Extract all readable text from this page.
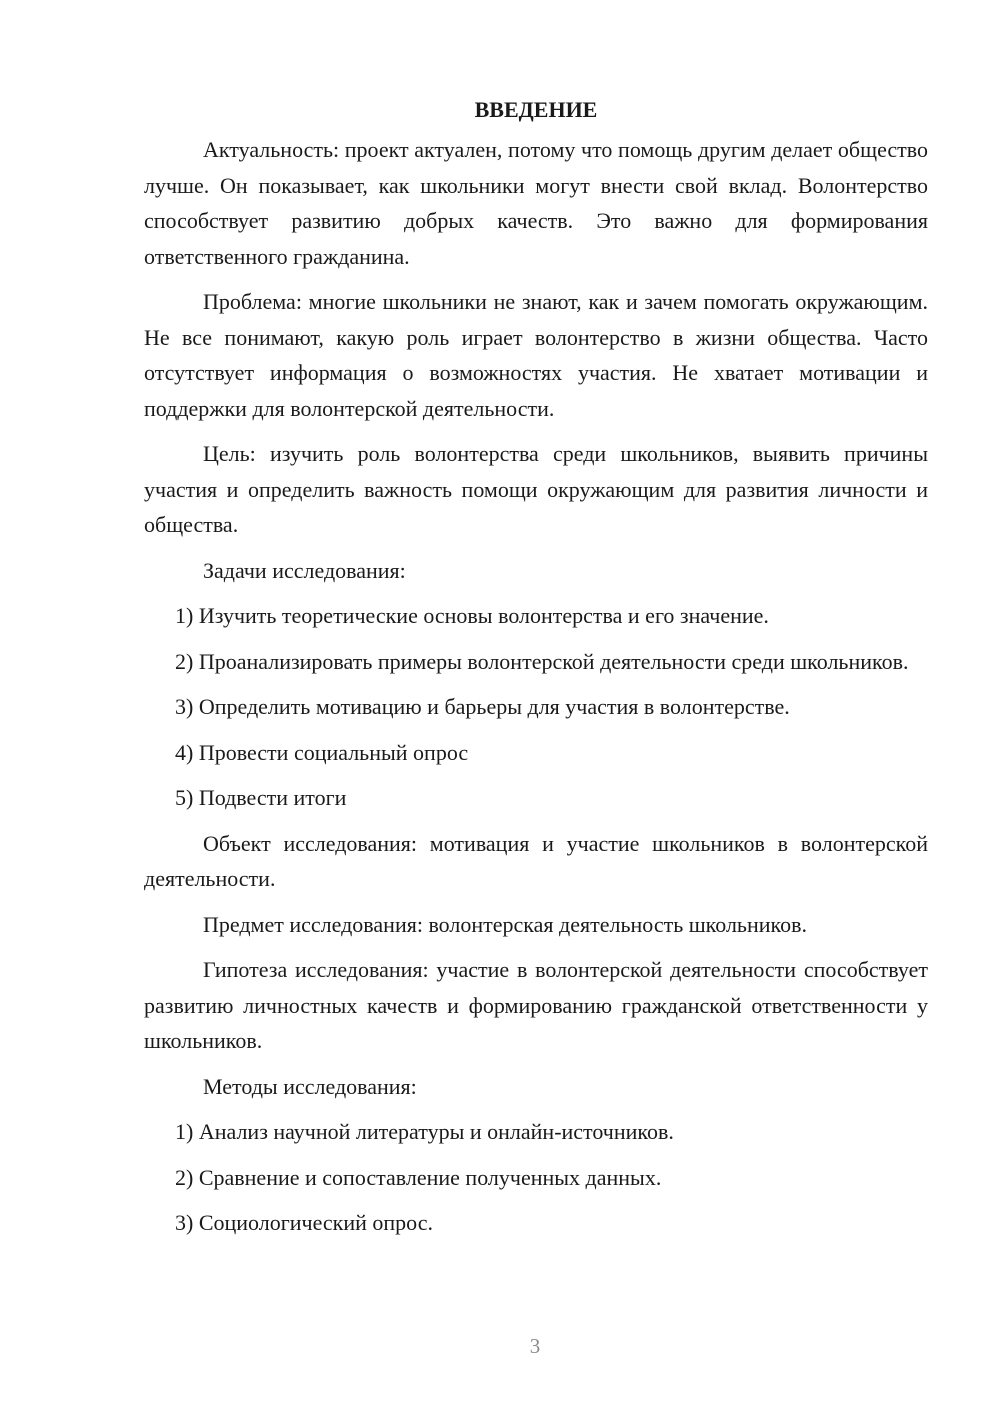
ВВЕДЕНИЕ

Актуальность: проект актуален, потому что помощь другим делает общество лучше. Он показывает, как школьники могут внести свой вклад. Волонтерство способствует развитию добрых качеств. Это важно для формирования ответственного гражданина.

Проблема: многие школьники не знают, как и зачем помогать окружающим. Не все понимают, какую роль играет волонтерство в жизни общества. Часто отсутствует информация о возможностях участия. Не хватает мотивации и поддержки для волонтерской деятельности.

Цель: изучить роль волонтерства среди школьников, выявить причины участия и определить важность помощи окружающим для развития личности и общества.

Задачи исследования:

1) Изучить теоретические основы волонтерства и его значение.

2) Проанализировать примеры волонтерской деятельности среди школьников.

3) Определить мотивацию и барьеры для участия в волонтерстве.

4) Провести социальный опрос

5) Подвести итоги

Объект исследования: мотивация и участие школьников в волонтерской деятельности.

Предмет исследования: волонтерская деятельность школьников.

Гипотеза исследования: участие в волонтерской деятельности способствует развитию личностных качеств и формированию гражданской ответственности у школьников.

Методы исследования:

1) Анализ научной литературы и онлайн-источников.

2) Сравнение и сопоставление полученных данных.

3) Социологический опрос.

3
